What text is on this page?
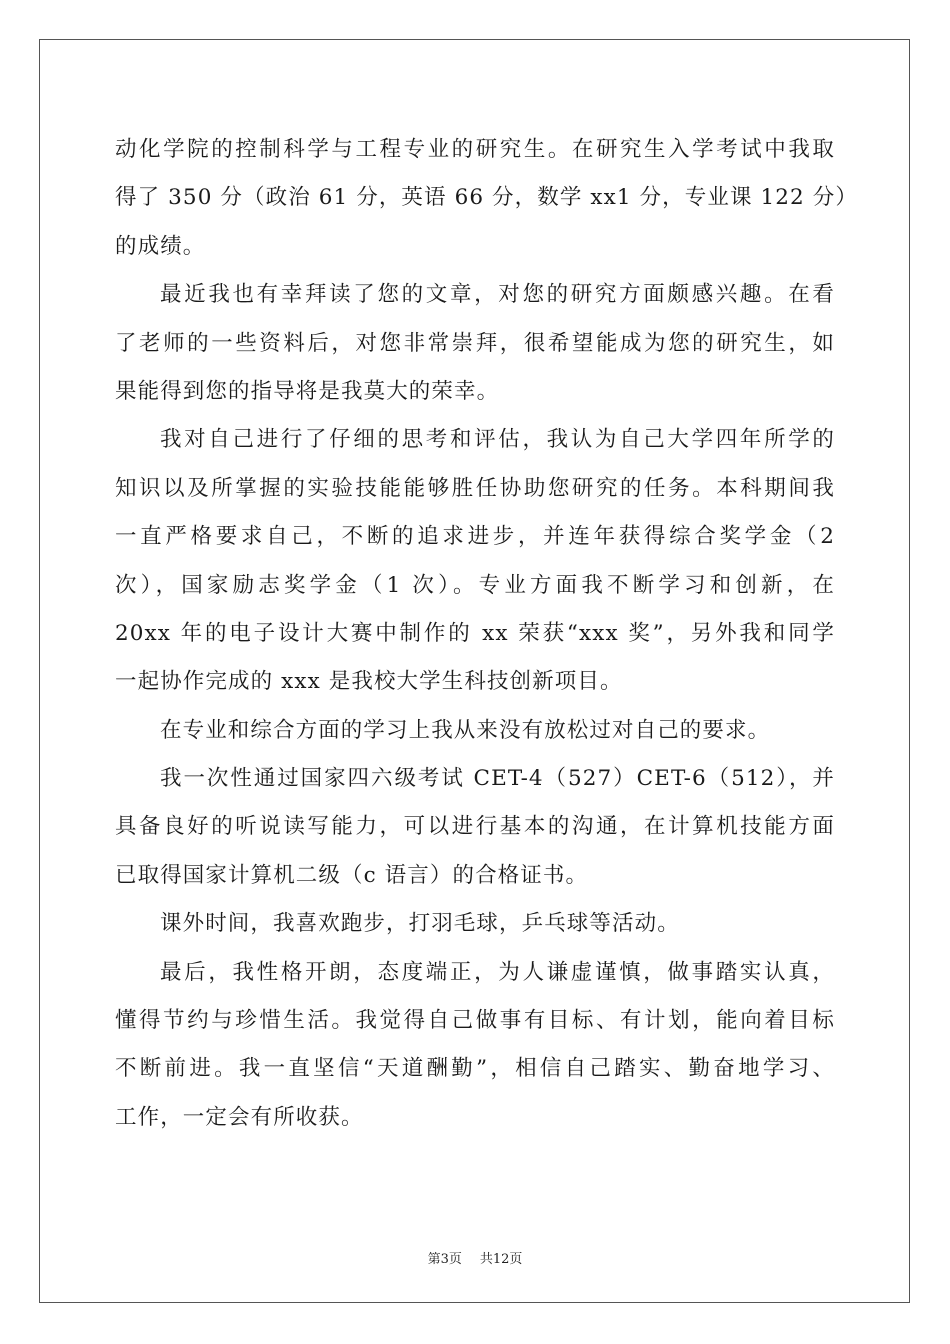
动化学院的控制科学与工程专业的研究生。在研究生入学考试中我取
得了 350 分（政治 61 分，英语 66 分，数学 xx1 分，专业课 122 分）
的成绩。
最近我也有幸拜读了您的文章，对您的研究方面颇感兴趣。在看
了老师的一些资料后，对您非常崇拜，很希望能成为您的研究生，如
果能得到您的指导将是我莫大的荣幸。
我对自己进行了仔细的思考和评估，我认为自己大学四年所学的
知识以及所掌握的实验技能能够胜任协助您研究的任务。本科期间我
一直严格要求自己，不断的追求进步，并连年获得综合奖学金（2
次），国家励志奖学金（1 次）。专业方面我不断学习和创新，在
20xx 年的电子设计大赛中制作的 xx 荣获“xxx 奖”，另外我和同学
一起协作完成的 xxx 是我校大学生科技创新项目。
在专业和综合方面的学习上我从来没有放松过对自己的要求。
我一次性通过国家四六级考试 CET-4（527）CET-6（512），并
具备良好的听说读写能力，可以进行基本的沟通，在计算机技能方面
已取得国家计算机二级（c 语言）的合格证书。
课外时间，我喜欢跑步，打羽毛球，乒乓球等活动。
最后，我性格开朗，态度端正，为人谦虚谨慎，做事踏实认真，
懂得节约与珍惜生活。我觉得自己做事有目标、有计划，能向着目标
不断前进。我一直坚信“天道酬勤”，相信自己踏实、勤奋地学习、
工作，一定会有所收获。
第3页 共12页
